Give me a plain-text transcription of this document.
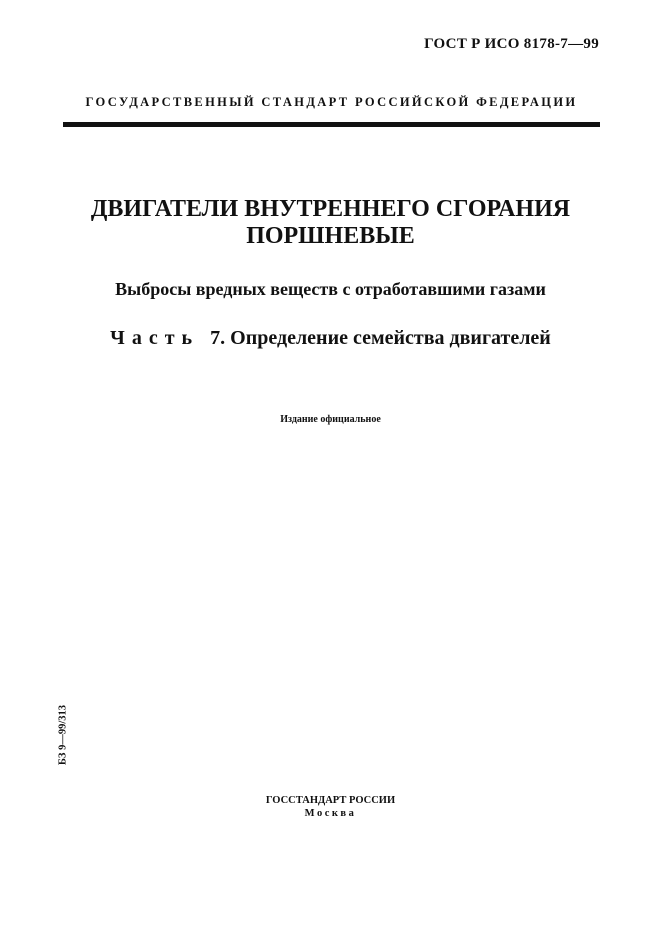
ГОСТ Р ИСО 8178-7—99
ГОСУДАРСТВЕННЫЙ СТАНДАРТ РОССИЙСКОЙ ФЕДЕРАЦИИ
ДВИГАТЕЛИ ВНУТРЕННЕГО СГОРАНИЯ
ПОРШНЕВЫЕ
Выбросы вредных веществ с отработавшими газами
Часть 7. Определение семейства двигателей
Издание официальное
БЗ 9—99/313
ГОССТАНДАРТ РОССИИ
Москва
